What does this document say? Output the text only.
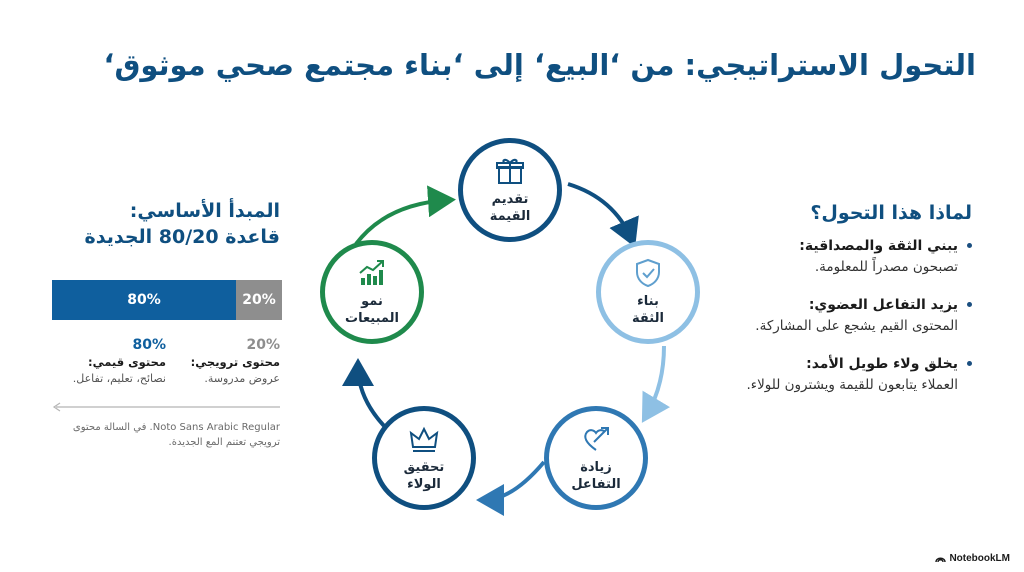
التحول الاستراتيجي: من ‘البيع‘ إلى ‘بناء مجتمع صحي موثوق‘
المبدأ الأساسي:
قاعدة 80/20 الجديدة
80%	20%
80%
محتوى قيمي:
نصائح، تعليم، تفاعل.
20%
محتوى ترويجي:
عروض مدروسة.
Noto Sans Arabic Regular. في السالة محتوى ترويجي تعتنم المع الجديدة.
تقديم
القيمة
بناء
الثقة
زيادة
التفاعل
تحقيق
الولاء
نمو
المبيعات
لماذا هذا التحول؟
يبني الثقة والمصداقية:
تصبحون مصدراً للمعلومة.
يزيد التفاعل العضوي:
المحتوى القيم يشجع على المشاركة.
يخلق ولاء طويل الأمد:
العملاء يتابعون للقيمة ويشترون للولاء.
NotebookLM
